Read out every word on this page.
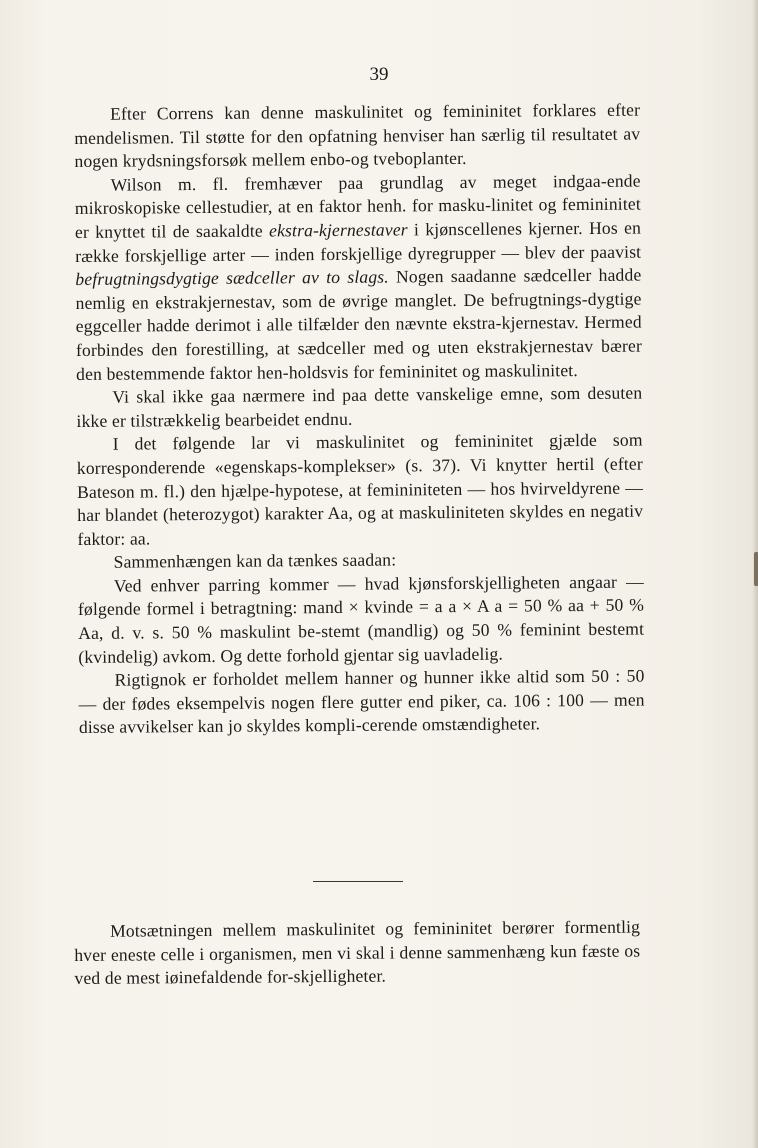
39

Efter Correns kan denne maskulinitet og femininitet forklares efter mendelismen. Til støtte for den opfatning henviser han særlig til resultatet av nogen krydsningsforsøk mellem enbo-og tveboplanter.

Wilson m. fl. fremhæver paa grundlag av meget indgaa-ende mikroskopiske cellestudier, at en faktor henh. for masku-linitet og femininitet er knyttet til de saakaldte ekstra-kjernestaver i kjønscellenes kjerner. Hos en række forskjellige arter — inden forskjellige dyregrupper — blev der paavist befrugtningsdygtige sædceller av to slags. Nogen saadanne sædceller hadde nemlig en ekstrakjernestav, som de øvrige manglet. De befrugtnings-dygtige eggceller hadde derimot i alle tilfælder den nævnte ekstra-kjernestav. Hermed forbindes den forestilling, at sædceller med og uten ekstrakjernestav bærer den bestemmende faktor hen-holdsvis for femininitet og maskulinitet.

Vi skal ikke gaa nærmere ind paa dette vanskelige emne, som desuten ikke er tilstrækkelig bearbeidet endnu.

I det følgende lar vi maskulinitet og femininitet gjælde som korresponderende «egenskaps-komplekser» (s. 37). Vi knytter hertil (efter Bateson m. fl.) den hjælpe-hypotese, at femininiteten — hos hvirveldyrene — har blandet (heterozygot) karakter Aa, og at maskuliniteten skyldes en negativ faktor: aa.

Sammenhængen kan da tænkes saadan:

Ved enhver parring kommer — hvad kjønsforskjelligheten angaar — følgende formel i betragtning: mand × kvinde = a a × A a = 50 % aa + 50 % Aa, d. v. s. 50 % maskulint be-stemt (mandlig) og 50 % feminint bestemt (kvindelig) avkom. Og dette forhold gjentar sig uavladelig.

Rigtignok er forholdet mellem hanner og hunner ikke altid som 50 : 50 — der fødes eksempelvis nogen flere gutter end piker, ca. 106 : 100 — men disse avvikelser kan jo skyldes kompli-cerende omstændigheter.

Motsætningen mellem maskulinitet og femininitet berører formentlig hver eneste celle i organismen, men vi skal i denne sammenhæng kun fæste os ved de mest iøinefaldende for-skjelligheter.
